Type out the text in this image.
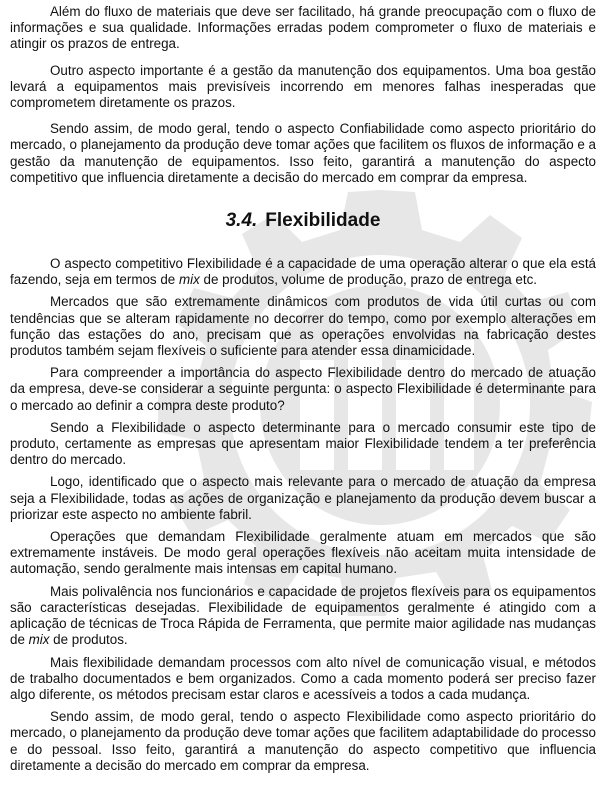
Além do fluxo de materiais que deve ser facilitado, há grande preocupação com o fluxo de informações e sua qualidade. Informações erradas podem comprometer o fluxo de materiais e atingir os prazos de entrega.

Outro aspecto importante é a gestão da manutenção dos equipamentos. Uma boa gestão levará a equipamentos mais previsíveis incorrendo em menores falhas inesperadas que comprometem diretamente os prazos.

Sendo assim, de modo geral, tendo o aspecto Confiabilidade como aspecto prioritário do mercado, o planejamento da produção deve tomar ações que facilitem os fluxos de informação e a gestão da manutenção de equipamentos. Isso feito, garantirá a manutenção do aspecto competitivo que influencia diretamente a decisão do mercado em comprar da empresa.

3.4. Flexibilidade

O aspecto competitivo Flexibilidade é a capacidade de uma operação alterar o que ela está fazendo, seja em termos de mix de produtos, volume de produção, prazo de entrega etc.

Mercados que são extremamente dinâmicos com produtos de vida útil curtas ou com tendências que se alteram rapidamente no decorrer do tempo, como por exemplo alterações em função das estações do ano, precisam que as operações envolvidas na fabricação destes produtos também sejam flexíveis o suficiente para atender essa dinamicidade.

Para compreender a importância do aspecto Flexibilidade dentro do mercado de atuação da empresa, deve-se considerar a seguinte pergunta: o aspecto Flexibilidade é determinante para o mercado ao definir a compra deste produto?

Sendo a Flexibilidade o aspecto determinante para o mercado consumir este tipo de produto, certamente as empresas que apresentam maior Flexibilidade tendem a ter preferência dentro do mercado.

Logo, identificado que o aspecto mais relevante para o mercado de atuação da empresa seja a Flexibilidade, todas as ações de organização e planejamento da produção devem buscar a priorizar este aspecto no ambiente fabril.

Operações que demandam Flexibilidade geralmente atuam em mercados que são extremamente instáveis. De modo geral operações flexíveis não aceitam muita intensidade de automação, sendo geralmente mais intensas em capital humano.

Mais polivalência nos funcionários e capacidade de projetos flexíveis para os equipamentos são características desejadas. Flexibilidade de equipamentos geralmente é atingido com a aplicação de técnicas de Troca Rápida de Ferramenta, que permite maior agilidade nas mudanças de mix de produtos.

Mais flexibilidade demandam processos com alto nível de comunicação visual, e métodos de trabalho documentados e bem organizados. Como a cada momento poderá ser preciso fazer algo diferente, os métodos precisam estar claros e acessíveis a todos a cada mudança.

Sendo assim, de modo geral, tendo o aspecto Flexibilidade como aspecto prioritário do mercado, o planejamento da produção deve tomar ações que facilitem adaptabilidade do processo e do pessoal. Isso feito, garantirá a manutenção do aspecto competitivo que influencia diretamente a decisão do mercado em comprar da empresa.
